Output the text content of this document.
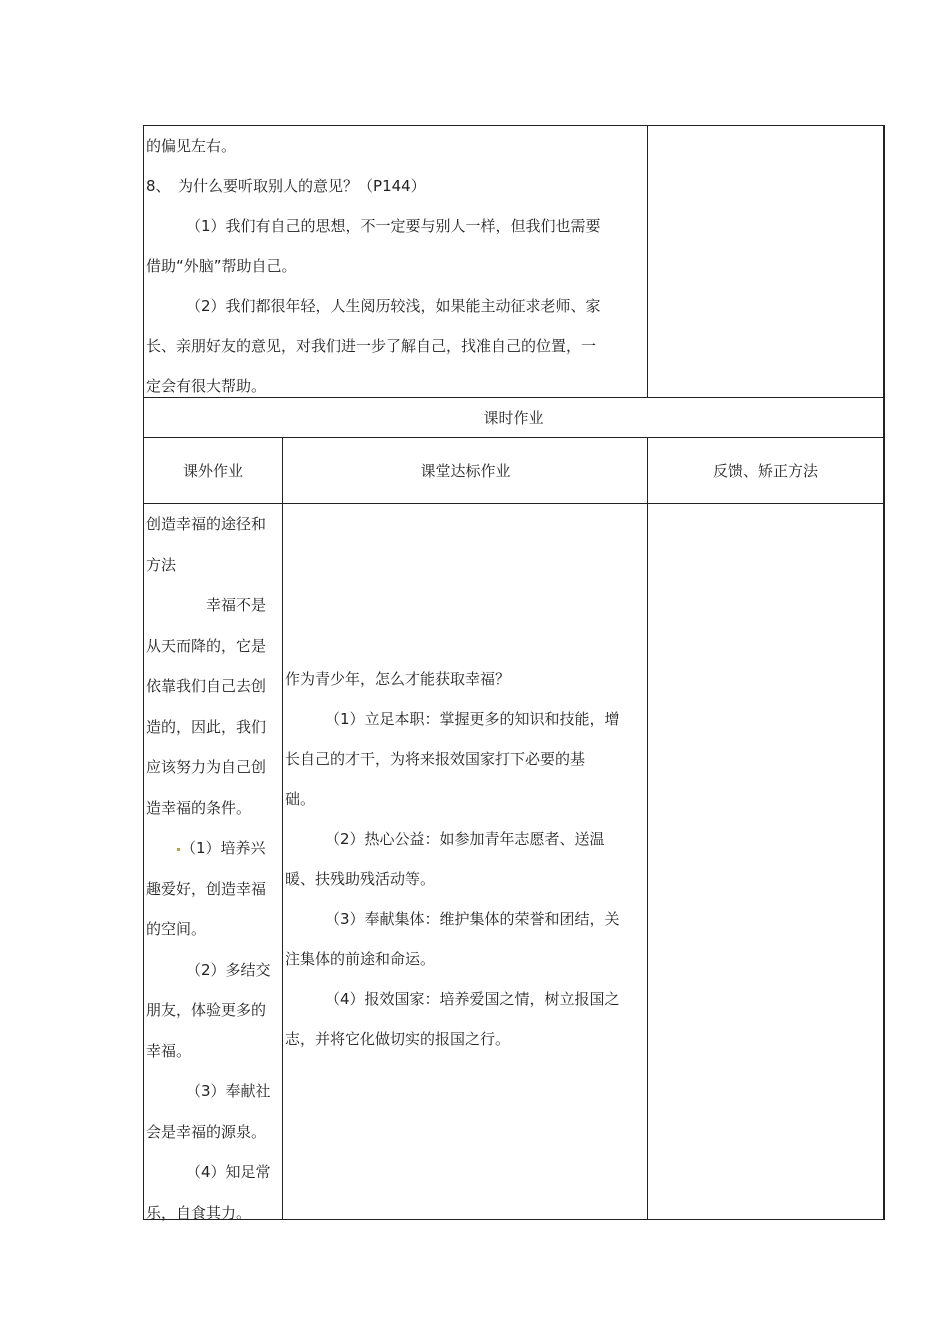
的偏见左右。

8、　为什么要听取别人的意见？（P144）

（1）我们有自己的思想，不一定要与别人一样，但我们也需要

借助“外脑”帮助自己。

（2）我们都很年轻，人生阅历较浅，如果能主动征求老师、家

长、亲朋好友的意见，对我们进一步了解自己，找准自己的位置，一

定会有很大帮助。

课时作业
课外作业	课堂达标作业	反馈、矫正方法

创造幸福的途径和

方法

幸福不是

从天而降的，它是

依靠我们自己去创

造的，因此，我们

应该努力为自己创

造幸福的条件。

（1）培养兴

趣爱好，创造幸福

的空间。

（2）多结交

朋友，体验更多的

幸福。

（3）奉献社

会是幸福的源泉。

（4）知足常

乐，自食其力。

作为青少年，怎么才能获取幸福？

（1）立足本职：掌握更多的知识和技能，增

长自己的才干，为将来报效国家打下必要的基

础。

（2）热心公益：如参加青年志愿者、送温

暖、扶残助残活动等。

（3）奉献集体：维护集体的荣誉和团结，关

注集体的前途和命运。

（4）报效国家：培养爱国之情，树立报国之

志，并将它化做切实的报国之行。
